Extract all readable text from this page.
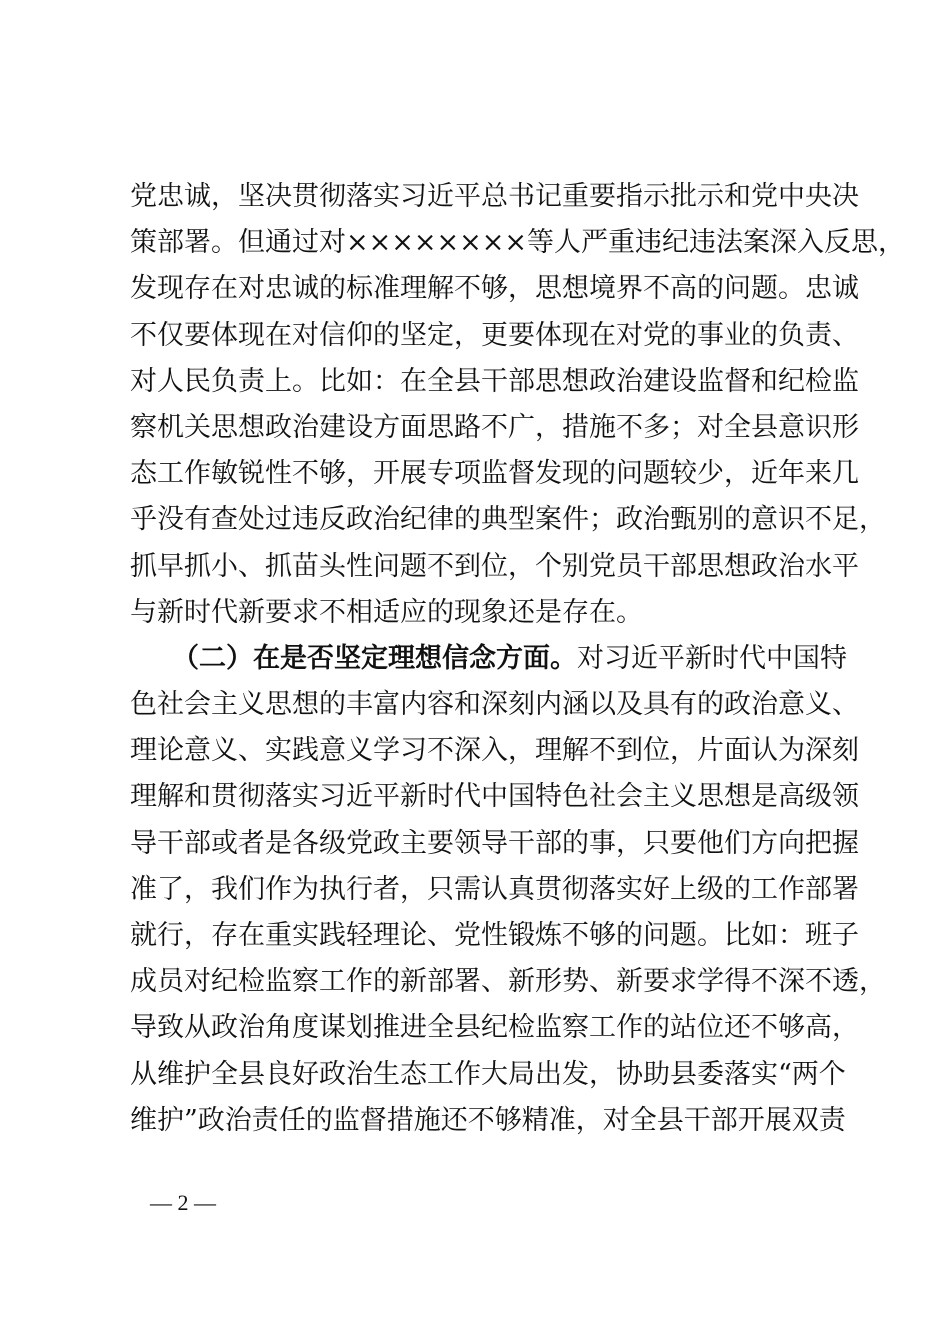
党忠诚，坚决贯彻落实习近平总书记重要指示批示和党中央决
策部署。但通过对××××××××等人严重违纪违法案深入反思，
发现存在对忠诚的标准理解不够，思想境界不高的问题。忠诚
不仅要体现在对信仰的坚定，更要体现在对党的事业的负责、
对人民负责上。比如：在全县干部思想政治建设监督和纪检监
察机关思想政治建设方面思路不广，措施不多；对全县意识形
态工作敏锐性不够，开展专项监督发现的问题较少，近年来几
乎没有查处过违反政治纪律的典型案件；政治甄别的意识不足，
抓早抓小、抓苗头性问题不到位，个别党员干部思想政治水平
与新时代新要求不相适应的现象还是存在。
（二）在是否坚定理想信念方面。对习近平新时代中国特
色社会主义思想的丰富内容和深刻内涵以及具有的政治意义、
理论意义、实践意义学习不深入，理解不到位，片面认为深刻
理解和贯彻落实习近平新时代中国特色社会主义思想是高级领
导干部或者是各级党政主要领导干部的事，只要他们方向把握
准了，我们作为执行者，只需认真贯彻落实好上级的工作部署
就行，存在重实践轻理论、党性锻炼不够的问题。比如：班子
成员对纪检监察工作的新部署、新形势、新要求学得不深不透，
导致从政治角度谋划推进全县纪检监察工作的站位还不够高，
从维护全县良好政治生态工作大局出发，协助县委落实“两个
维护”政治责任的监督措施还不够精准，对全县干部开展双责
— 2 —
